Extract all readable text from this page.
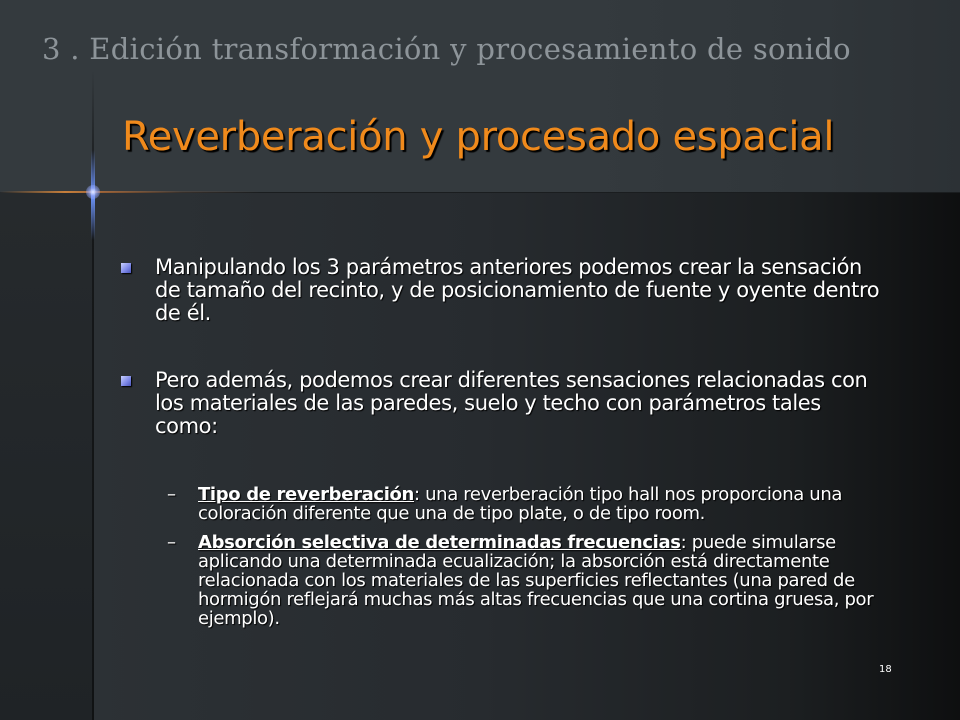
3 . Edición transformación y procesamiento de sonido
Reverberación y procesado espacial
Manipulando los 3 parámetros anteriores podemos crear la sensación de tamaño del recinto, y de posicionamiento de fuente y oyente dentro de él.
Pero además, podemos crear diferentes sensaciones relacionadas con los materiales de las paredes, suelo y techo con parámetros tales como:
– Tipo de reverberación: una reverberación tipo hall nos proporciona una coloración diferente que una de tipo plate, o de tipo room.
– Absorción selectiva de determinadas frecuencias: puede simularse aplicando una determinada ecualización; la absorción está directamente relacionada con los materiales de las superficies reflectantes (una pared de hormigón reflejará muchas más altas frecuencias que una cortina gruesa, por ejemplo).
18
